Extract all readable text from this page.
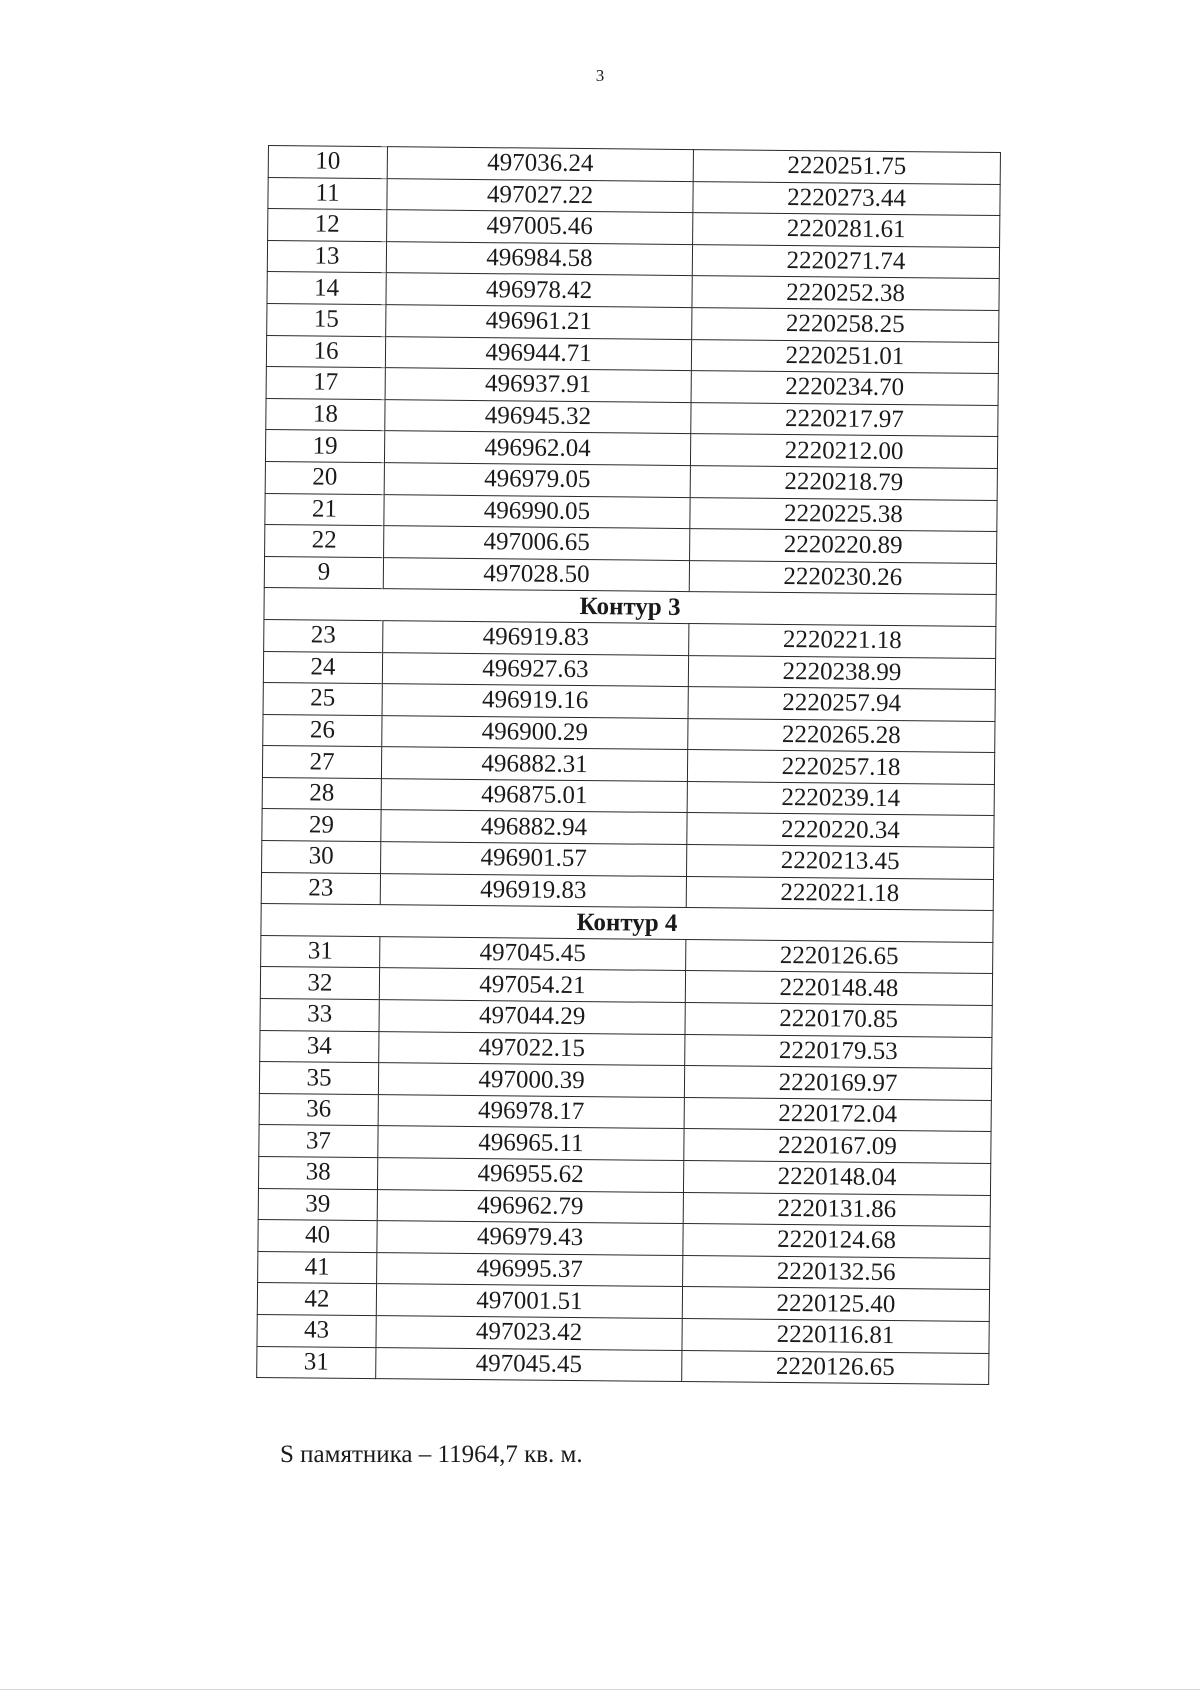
3
10	497036.24	2220251.75
11	497027.22	2220273.44
12	497005.46	2220281.61
13	496984.58	2220271.74
14	496978.42	2220252.38
15	496961.21	2220258.25
16	496944.71	2220251.01
17	496937.91	2220234.70
18	496945.32	2220217.97
19	496962.04	2220212.00
20	496979.05	2220218.79
21	496990.05	2220225.38
22	497006.65	2220220.89
9	497028.50	2220230.26
Контур 3		
23	496919.83	2220221.18
24	496927.63	2220238.99
25	496919.16	2220257.94
26	496900.29	2220265.28
27	496882.31	2220257.18
28	496875.01	2220239.14
29	496882.94	2220220.34
30	496901.57	2220213.45
23	496919.83	2220221.18
Контур 4		
31	497045.45	2220126.65
32	497054.21	2220148.48
33	497044.29	2220170.85
34	497022.15	2220179.53
35	497000.39	2220169.97
36	496978.17	2220172.04
37	496965.11	2220167.09
38	496955.62	2220148.04
39	496962.79	2220131.86
40	496979.43	2220124.68
41	496995.37	2220132.56
42	497001.51	2220125.40
43	497023.42	2220116.81
31	497045.45	2220126.65
S памятника – 11964,7 кв. м.
